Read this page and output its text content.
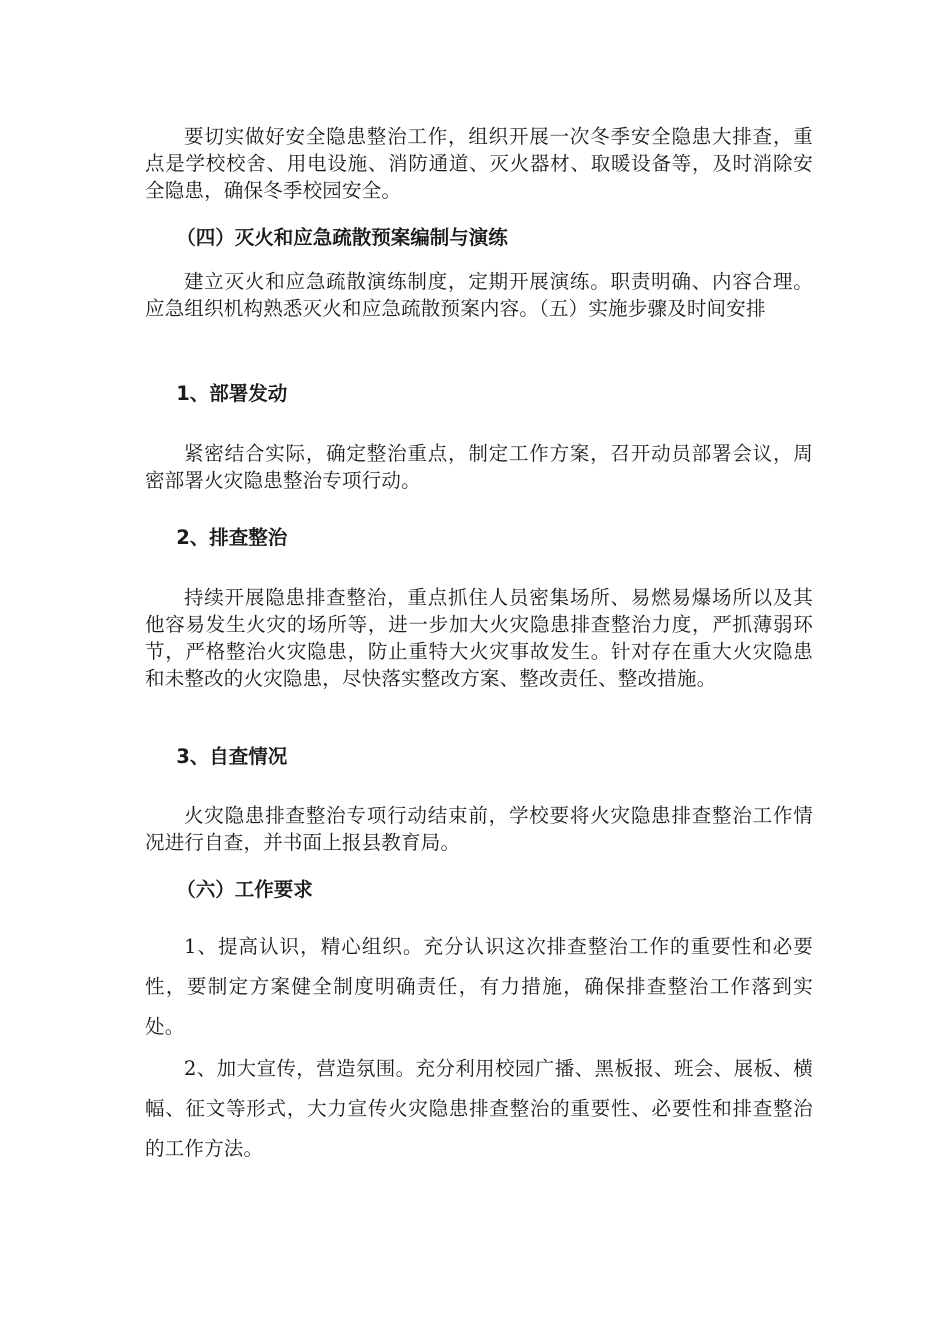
要切实做好安全隐患整治工作，组织开展一次冬季安全隐患大排查，重点是学校校舍、用电设施、消防通道、灭火器材、取暖设备等，及时消除安全隐患，确保冬季校园安全。

（四）灭火和应急疏散预案编制与演练

建立灭火和应急疏散演练制度，定期开展演练。职责明确、内容合理。应急组织机构熟悉灭火和应急疏散预案内容。（五）实施步骤及时间安排

1、部署发动

紧密结合实际，确定整治重点，制定工作方案，召开动员部署会议，周密部署火灾隐患整治专项行动。

2、排查整治

持续开展隐患排查整治，重点抓住人员密集场所、易燃易爆场所以及其他容易发生火灾的场所等，进一步加大火灾隐患排查整治力度，严抓薄弱环节，严格整治火灾隐患，防止重特大火灾事故发生。针对存在重大火灾隐患和未整改的火灾隐患，尽快落实整改方案、整改责任、整改措施。

3、自查情况

火灾隐患排查整治专项行动结束前，学校要将火灾隐患排查整治工作情况进行自查，并书面上报县教育局。

（六）工作要求

1、提高认识，精心组织。充分认识这次排查整治工作的重要性和必要性，要制定方案健全制度明确责任，有力措施，确保排查整治工作落到实处。

2、加大宣传，营造氛围。充分利用校园广播、黑板报、班会、展板、横幅、征文等形式，大力宣传火灾隐患排查整治的重要性、必要性和排查整治的工作方法。
